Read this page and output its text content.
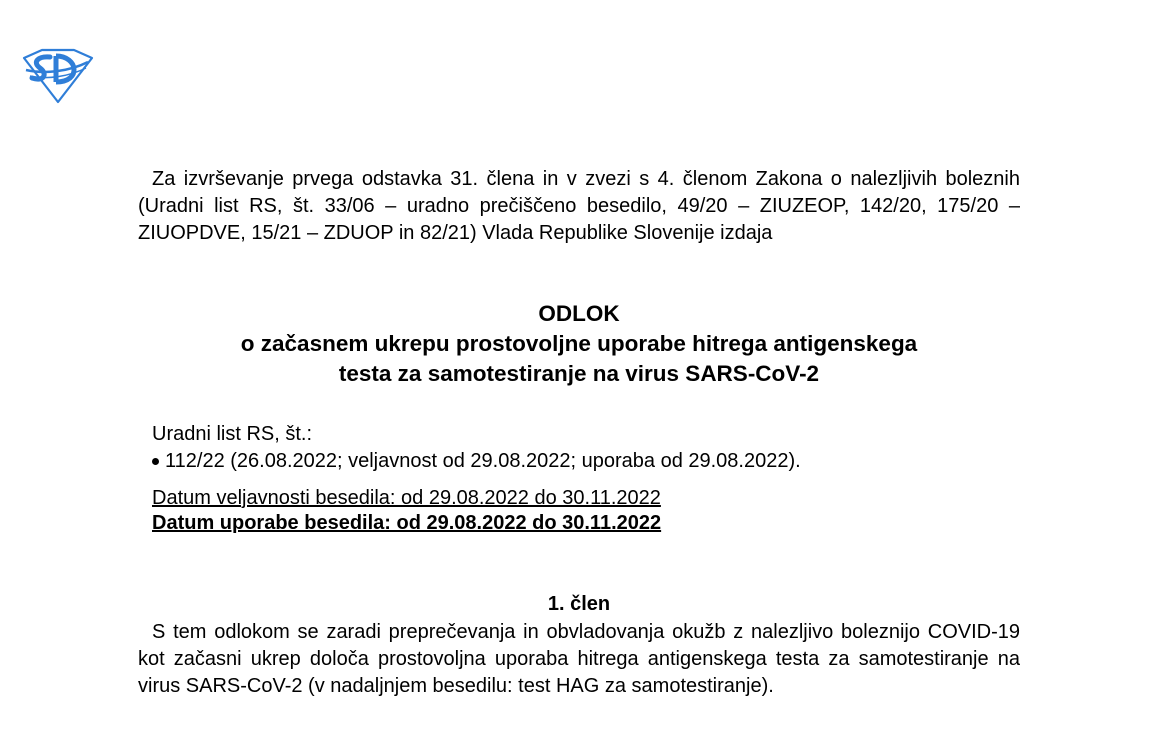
Za izvrševanje prvega odstavka 31. člena in v zvezi s 4. členom Zakona o nalezljivih boleznih (Uradni list RS, št. 33/06 – uradno prečiščeno besedilo, 49/20 – ZIUZEOP, 142/20, 175/20 – ZIUOPDVE, 15/21 – ZDUOP in 82/21) Vlada Republike Slovenije izdaja
ODLOK
o začasnem ukrepu prostovoljne uporabe hitrega antigenskega
testa za samotestiranje na virus SARS-CoV-2
Uradni list RS, št.:
112/22 (26.08.2022; veljavnost od 29.08.2022; uporaba od 29.08.2022).
Datum veljavnosti besedila: od 29.08.2022 do 30.11.2022
Datum uporabe besedila: od 29.08.2022 do 30.11.2022
1. člen
S tem odlokom se zaradi preprečevanja in obvladovanja okužb z nalezljivo boleznijo COVID-19 kot začasni ukrep določa prostovoljna uporaba hitrega antigenskega testa za samotestiranje na virus SARS-CoV-2 (v nadaljnjem besedilu: test HAG za samotestiranje).
